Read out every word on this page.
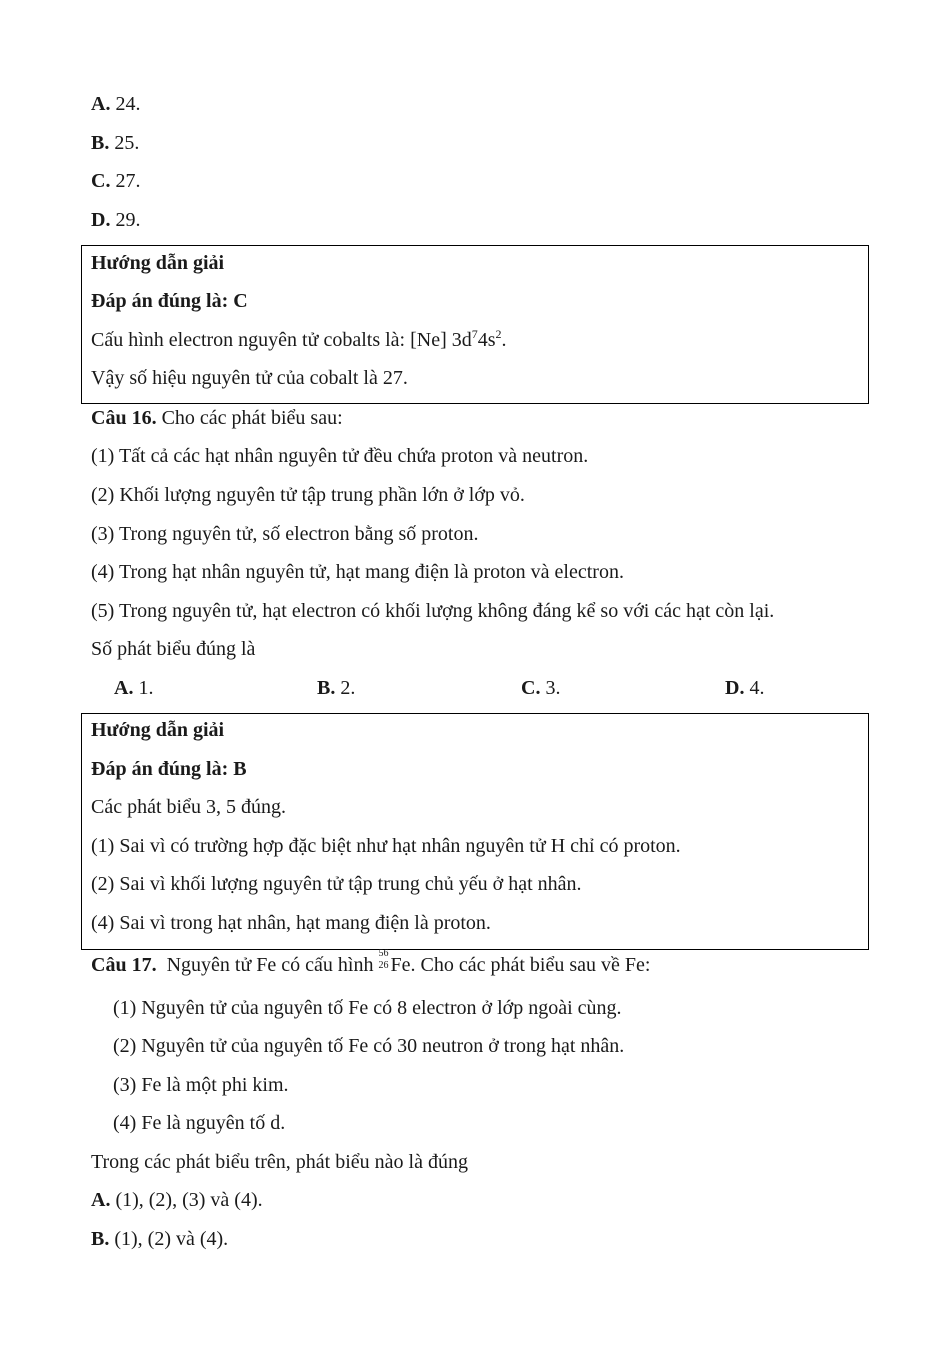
A. 24.
B. 25.
C. 27.
D. 29.
Hướng dẫn giải
Đáp án đúng là: C
Cấu hình electron nguyên tử cobalts là: [Ne] $3d^74s^2$.
Vậy số hiệu nguyên tử của cobalt là 27.
Câu 16. Cho các phát biểu sau:
(1) Tất cả các hạt nhân nguyên tử đều chứa proton và neutron.
(2) Khối lượng nguyên tử tập trung phần lớn ở lớp vỏ.
(3) Trong nguyên tử, số electron bằng số proton.
(4) Trong hạt nhân nguyên tử, hạt mang điện là proton và electron.
(5) Trong nguyên tử, hạt electron có khối lượng không đáng kể so với các hạt còn lại.
Số phát biểu đúng là
A. 1.	B. 2.	C. 3.	D. 4.
Hướng dẫn giải
Đáp án đúng là: B
Các phát biểu 3, 5 đúng.
(1) Sai vì có trường hợp đặc biệt như hạt nhân nguyên tử H chỉ có proton.
(2) Sai vì khối lượng nguyên tử tập trung chủ yếu ở hạt nhân.
(4) Sai vì trong hạt nhân, hạt mang điện là proton.
Câu 17.  Nguyên tử Fe có cấu hình
56
26 Fe. Cho các phát biểu sau về Fe:
(1) Nguyên tử của nguyên tố Fe có 8 electron ở lớp ngoài cùng.
(2) Nguyên tử của nguyên tố Fe có 30 neutron ở trong hạt nhân.
(3) Fe là một phi kim.
(4) Fe là nguyên tố d.
Trong các phát biểu trên, phát biểu nào là đúng
A. (1), (2), (3) và (4).
B. (1), (2) và (4).
